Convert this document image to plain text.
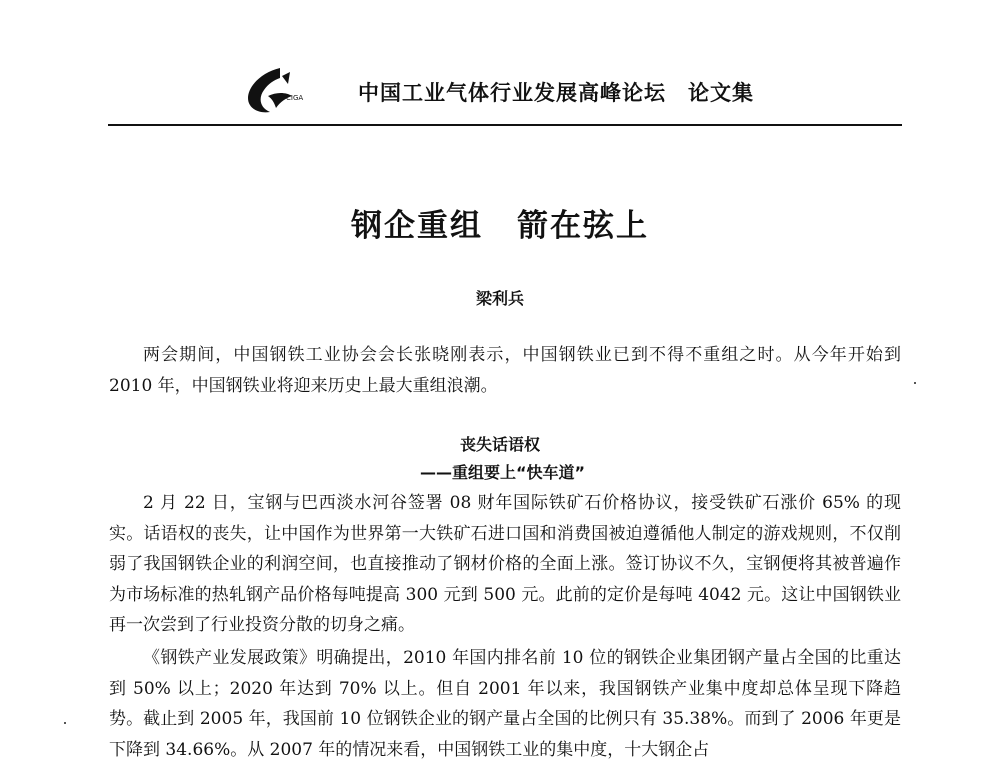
CIGA	中国工业气体行业发展高峰论坛 论文集
钢企重组 箭在弦上
梁利兵

两会期间，中国钢铁工业协会会长张晓刚表示，中国钢铁业已到不得不重组之时。从今年开始到 2010 年，中国钢铁业将迎来历史上最大重组浪潮。

丧失话语权
——重组要上“快车道”

2 月 22 日，宝钢与巴西淡水河谷签署 08 财年国际铁矿石价格协议，接受铁矿石涨价 65% 的现实。话语权的丧失，让中国作为世界第一大铁矿石进口国和消费国被迫遵循他人制定的游戏规则，不仅削弱了我国钢铁企业的利润空间，也直接推动了钢材价格的全面上涨。签订协议不久，宝钢便将其被普遍作为市场标准的热轧钢产品价格每吨提高 300 元到 500 元。此前的定价是每吨 4042 元。这让中国钢铁业再一次尝到了行业投资分散的切身之痛。

《钢铁产业发展政策》明确提出，2010 年国内排名前 10 位的钢铁企业集团钢产量占全国的比重达到 50% 以上；2020 年达到 70% 以上。但自 2001 年以来，我国钢铁产业集中度却总体呈现下降趋势。截止到 2005 年，我国前 10 位钢铁企业的钢产量占全国的比例只有 35.38%。而到了 2006 年更是下降到 34.66%。从 2007 年的情况来看，中国钢铁工业的集中度，十大钢企占
